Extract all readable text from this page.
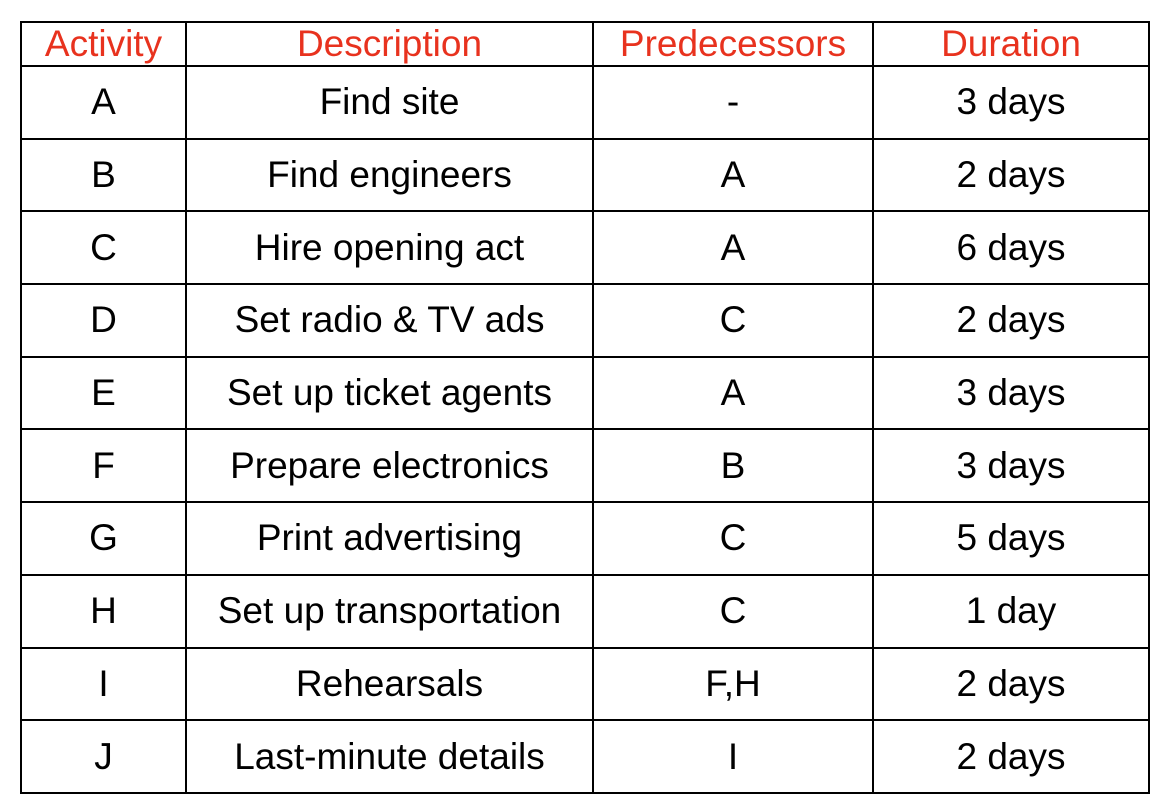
Activity	Description	Predecessors	Duration
A	Find site	-	3 days
B	Find engineers	A	2 days
C	Hire opening act	A	6 days
D	Set radio & TV ads	C	2 days
E	Set up ticket agents	A	3 days
F	Prepare electronics	B	3 days
G	Print advertising	C	5 days
H	Set up transportation	C	1 day
I	Rehearsals	F,H	2 days
J	Last-minute details	I	2 days
